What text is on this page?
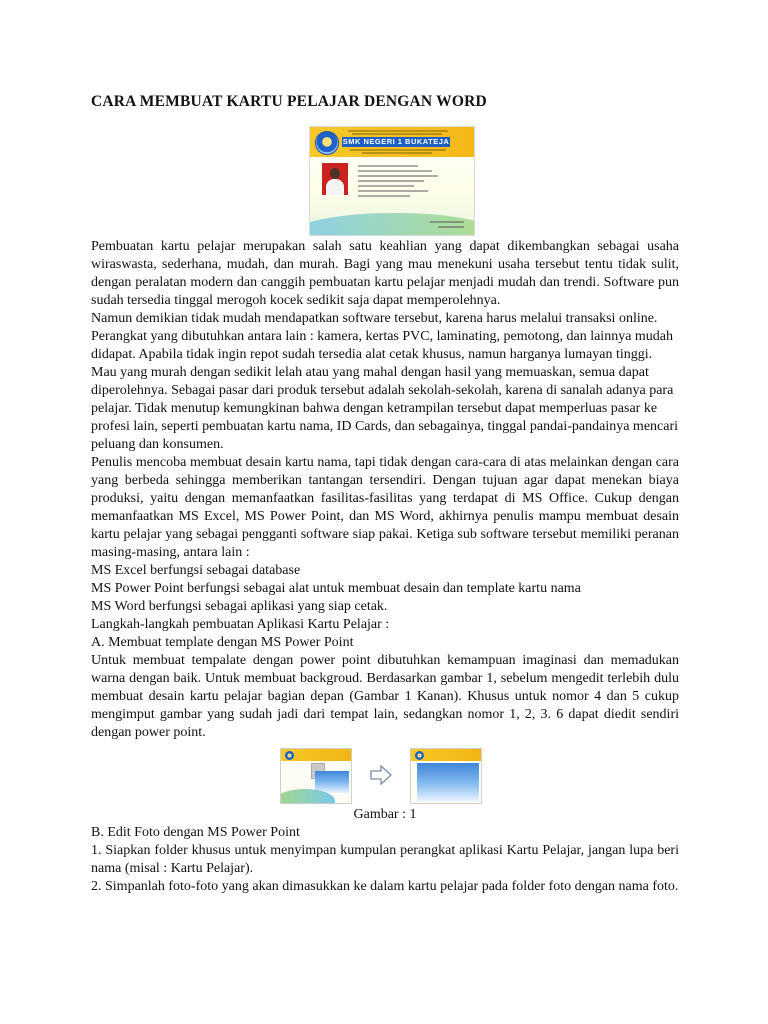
CARA MEMBUAT KARTU PELAJAR DENGAN WORD
SMK NEGERI 1 BUKATEJA

Pembuatan kartu pelajar merupakan salah satu keahlian yang dapat dikembangkan sebagai usaha wiraswasta, sederhana, mudah, dan murah. Bagi yang mau menekuni usaha tersebut tentu tidak sulit, dengan peralatan modern dan canggih pembuatan kartu pelajar menjadi mudah dan trendi. Software pun sudah tersedia tinggal merogoh kocek sedikit saja dapat memperolehnya.

Namun demikian tidak mudah mendapatkan software tersebut, karena harus melalui transaksi online. Perangkat yang dibutuhkan antara lain : kamera, kertas PVC, laminating, pemotong, dan lainnya mudah didapat. Apabila tidak ingin repot sudah tersedia alat cetak khusus, namun harganya lumayan tinggi. Mau yang murah dengan sedikit lelah atau yang mahal dengan hasil yang memuaskan, semua dapat diperolehnya. Sebagai pasar dari produk tersebut adalah sekolah-sekolah, karena di sanalah adanya para pelajar. Tidak menutup kemungkinan bahwa dengan ketrampilan tersebut dapat memperluas pasar ke profesi lain, seperti pembuatan kartu nama, ID Cards, dan sebagainya, tinggal pandai-pandainya mencari peluang dan konsumen.

Penulis mencoba membuat desain kartu nama, tapi tidak dengan cara-cara di atas melainkan dengan cara yang berbeda sehingga memberikan tantangan tersendiri. Dengan tujuan agar dapat menekan biaya produksi, yaitu dengan memanfaatkan fasilitas-fasilitas yang terdapat di MS Office. Cukup dengan memanfaatkan MS Excel, MS Power Point, dan MS Word, akhirnya penulis mampu membuat desain kartu pelajar yang sebagai pengganti software siap pakai. Ketiga sub software tersebut memiliki peranan masing-masing, antara lain :

MS Excel berfungsi sebagai database

MS Power Point berfungsi sebagai alat untuk membuat desain dan template kartu nama

MS Word berfungsi sebagai aplikasi yang siap cetak.

Langkah-langkah pembuatan Aplikasi Kartu Pelajar :

A. Membuat template dengan MS Power Point

Untuk membuat tempalate dengan power point dibutuhkan kemampuan imaginasi dan memadukan warna dengan baik. Untuk membuat backgroud. Berdasarkan gambar 1, sebelum mengedit terlebih dulu membuat desain kartu pelajar bagian depan (Gambar 1 Kanan). Khusus untuk nomor 4 dan 5 cukup mengimput gambar yang sudah jadi dari tempat lain, sedangkan nomor 1, 2, 3. 6 dapat diedit sendiri dengan power point.

Gambar : 1

B. Edit Foto dengan MS Power Point

1. Siapkan folder khusus untuk menyimpan kumpulan perangkat aplikasi Kartu Pelajar, jangan lupa beri nama (misal : Kartu Pelajar).

2. Simpanlah foto-foto yang akan dimasukkan ke dalam kartu pelajar pada folder foto dengan nama foto.
